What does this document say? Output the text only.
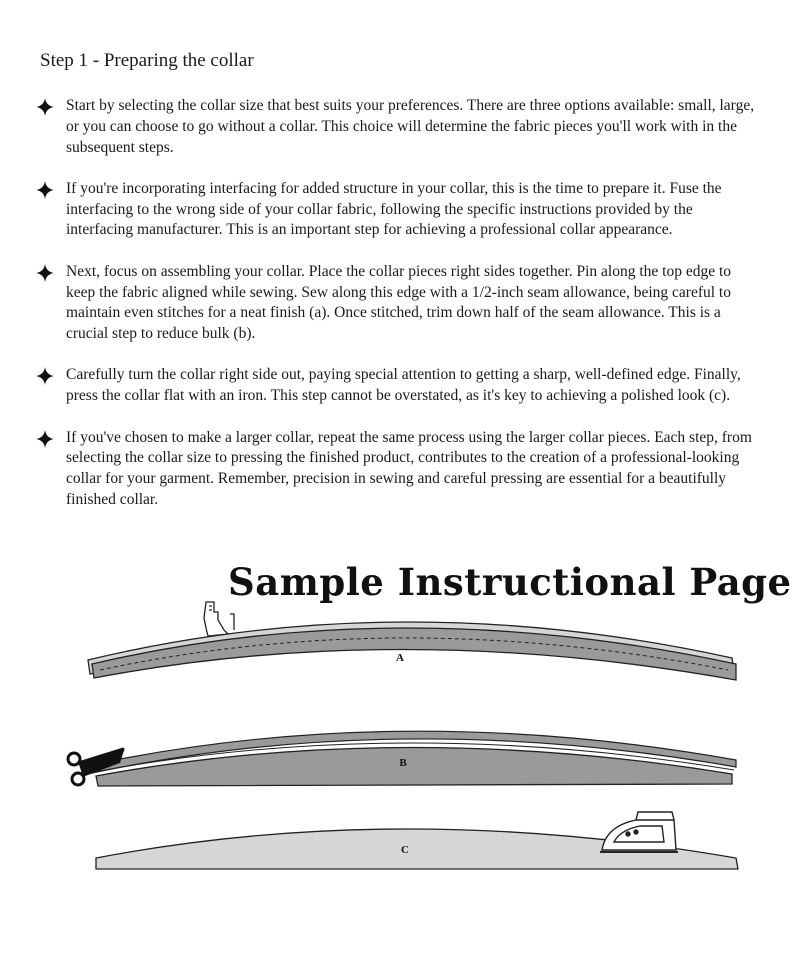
Step 1 - Preparing the collar
Start by selecting the collar size that best suits your preferences. There are three options available: small, large, or you can choose to go without a collar. This choice will determine the fabric pieces you'll work with in the subsequent steps.
If you're incorporating interfacing for added structure in your collar, this is the time to prepare it. Fuse the interfacing to the wrong side of your collar fabric, following the specific instructions provided by the interfacing manufacturer. This is an important step for achieving a professional collar appearance.
Next, focus on assembling your collar. Place the collar pieces right sides together. Pin along the top edge to keep the fabric aligned while sewing. Sew along this edge with a 1/2-inch seam allowance, being careful to maintain even stitches for a neat finish (a). Once stitched, trim down half of the seam allowance. This is a crucial step to reduce bulk (b).
Carefully turn the collar right side out, paying special attention to getting a sharp, well-defined edge. Finally, press the collar flat with an iron. This step cannot be overstated, as it's key to achieving a polished look (c).
If you've chosen to make a larger collar, repeat the same process using the larger collar pieces. Each step, from selecting the collar size to pressing the finished product, contributes to the creation of a professional-looking collar for your garment. Remember, precision in sewing and careful pressing are essential for a beautifully finished collar.
Sample Instructional Page
A
B
C
